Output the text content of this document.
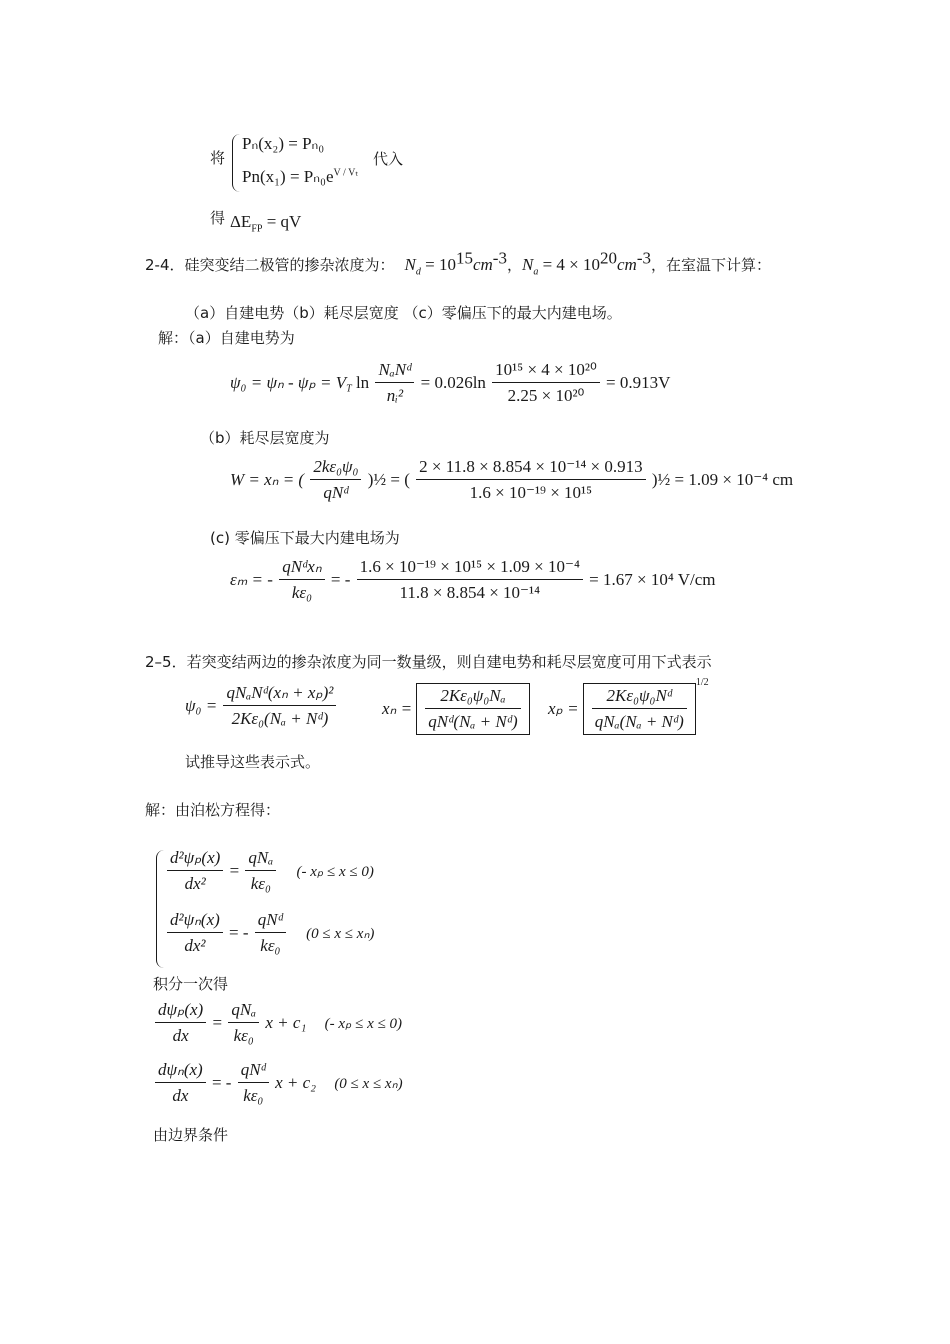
将
Pₙ(x₂) = Pₙ₀
$Pn(x_1) = P_{n0}e^{V / V_t}$
代入
得 $\Delta E_{FP}$ = qV
2-4．硅突变结二极管的掺杂浓度为： $N_d = 10^{15}cm^{-3}$，$N_a = 4 \times 10^{20}cm^{-3}$，在室温下计算：
（a）自建电势（b）耗尽层宽度 （c）零偏压下的最大内建电场。
解：（a）自建电势为
$\psi_0 = \psi_n - \psi_p = V_T$ $\ln \frac{\text{NₐNᵈ}}{\text{nᵢ²}} = 0.026\ln \frac{\text{10¹⁵ × 4 × 10²⁰}}{\text{2.25 × 10²⁰}} = 0.913V$
（b）耗尽层宽度为
W = xₙ = ( $\frac{\text{2kε₀ψ₀}}{\text{qNᵈ}}$ )½ = ( $\frac{\text{2 × 11.8 × 8.854 × 10⁻¹⁴ × 0.913}}{\text{1.6 × 10⁻¹⁹ × 10¹⁵}}$ )½ = 1.09 × 10⁻⁴ cm
(c) 零偏压下最大内建电场为
εₘ = - $\frac{\text{qNᵈxₙ}}{\text{kε₀}}$ = - $\frac{\text{1.6 × 10⁻¹⁹ × 10¹⁵ × 1.09 × 10⁻⁴}}{\text{11.8 × 8.854 × 10⁻¹⁴}} = 1.67 \times 10^4$ V/cm
2–5．若突变结两边的掺杂浓度为同一数量级，则自建电势和耗尽层宽度可用下式表示
$\psi_0 = \frac{\text{qNₐNᵈ(xₙ + xₚ)²}}{\text{2Kε₀(Nₐ + Nᵈ)}}$	$x_n = \frac{\text{2Kε₀ψ₀Nₐ}}{\text{qNᵈ(Nₐ + Nᵈ)}}$ $x_p = \frac{\text{2Kε₀ψ₀Nᵈ}}{\text{qNₐ(Nₐ + Nᵈ)}}$
$^{1/2}$
试推导这些表示式。
解：由泊松方程得：
$\frac{\text{d²ψₚ(x)}}{\text{dx²}} = \frac{\text{qNₐ}}{\text{kε₀}}$ (- xₚ ≤ x ≤ 0)
$\frac{\text{d²ψₙ(x)}}{\text{dx²}}$ = - $\frac{\text{qNᵈ}}{\text{kε₀}} (0 \le x \le x_n)$
积分一次得
$\frac{\text{dψₚ(x)}}{dx} = \frac{\text{qNₐ}}{\text{kε₀}}$ x + c₁ (- xₚ ≤ x ≤ 0)
$\frac{\text{dψₙ(x)}}{dx}$ = - $\frac{\text{qNᵈ}}{\text{kε₀}}$ x + c₂ (0 ≤ x ≤ xₙ)
由边界条件
